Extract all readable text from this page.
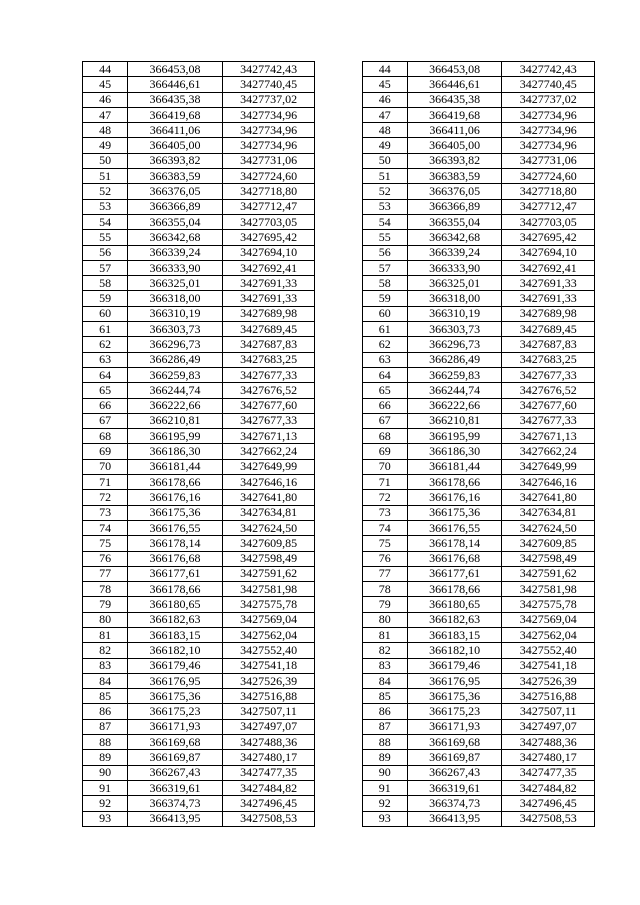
44	366453,08	3427742,43		44	366453,08	3427742,43
45	366446,61	3427740,45		45	366446,61	3427740,45
46	366435,38	3427737,02		46	366435,38	3427737,02
47	366419,68	3427734,96		47	366419,68	3427734,96
48	366411,06	3427734,96		48	366411,06	3427734,96
49	366405,00	3427734,96		49	366405,00	3427734,96
50	366393,82	3427731,06		50	366393,82	3427731,06
51	366383,59	3427724,60		51	366383,59	3427724,60
52	366376,05	3427718,80		52	366376,05	3427718,80
53	366366,89	3427712,47		53	366366,89	3427712,47
54	366355,04	3427703,05		54	366355,04	3427703,05
55	366342,68	3427695,42		55	366342,68	3427695,42
56	366339,24	3427694,10		56	366339,24	3427694,10
57	366333,90	3427692,41		57	366333,90	3427692,41
58	366325,01	3427691,33		58	366325,01	3427691,33
59	366318,00	3427691,33		59	366318,00	3427691,33
60	366310,19	3427689,98		60	366310,19	3427689,98
61	366303,73	3427689,45		61	366303,73	3427689,45
62	366296,73	3427687,83		62	366296,73	3427687,83
63	366286,49	3427683,25		63	366286,49	3427683,25
64	366259,83	3427677,33		64	366259,83	3427677,33
65	366244,74	3427676,52		65	366244,74	3427676,52
66	366222,66	3427677,60		66	366222,66	3427677,60
67	366210,81	3427677,33		67	366210,81	3427677,33
68	366195,99	3427671,13		68	366195,99	3427671,13
69	366186,30	3427662,24		69	366186,30	3427662,24
70	366181,44	3427649,99		70	366181,44	3427649,99
71	366178,66	3427646,16		71	366178,66	3427646,16
72	366176,16	3427641,80		72	366176,16	3427641,80
73	366175,36	3427634,81		73	366175,36	3427634,81
74	366176,55	3427624,50		74	366176,55	3427624,50
75	366178,14	3427609,85		75	366178,14	3427609,85
76	366176,68	3427598,49		76	366176,68	3427598,49
77	366177,61	3427591,62		77	366177,61	3427591,62
78	366178,66	3427581,98		78	366178,66	3427581,98
79	366180,65	3427575,78		79	366180,65	3427575,78
80	366182,63	3427569,04		80	366182,63	3427569,04
81	366183,15	3427562,04		81	366183,15	3427562,04
82	366182,10	3427552,40		82	366182,10	3427552,40
83	366179,46	3427541,18		83	366179,46	3427541,18
84	366176,95	3427526,39		84	366176,95	3427526,39
85	366175,36	3427516,88		85	366175,36	3427516,88
86	366175,23	3427507,11		86	366175,23	3427507,11
87	366171,93	3427497,07		87	366171,93	3427497,07
88	366169,68	3427488,36		88	366169,68	3427488,36
89	366169,87	3427480,17		89	366169,87	3427480,17
90	366267,43	3427477,35		90	366267,43	3427477,35
91	366319,61	3427484,82		91	366319,61	3427484,82
92	366374,73	3427496,45		92	366374,73	3427496,45
93	366413,95	3427508,53		93	366413,95	3427508,53
